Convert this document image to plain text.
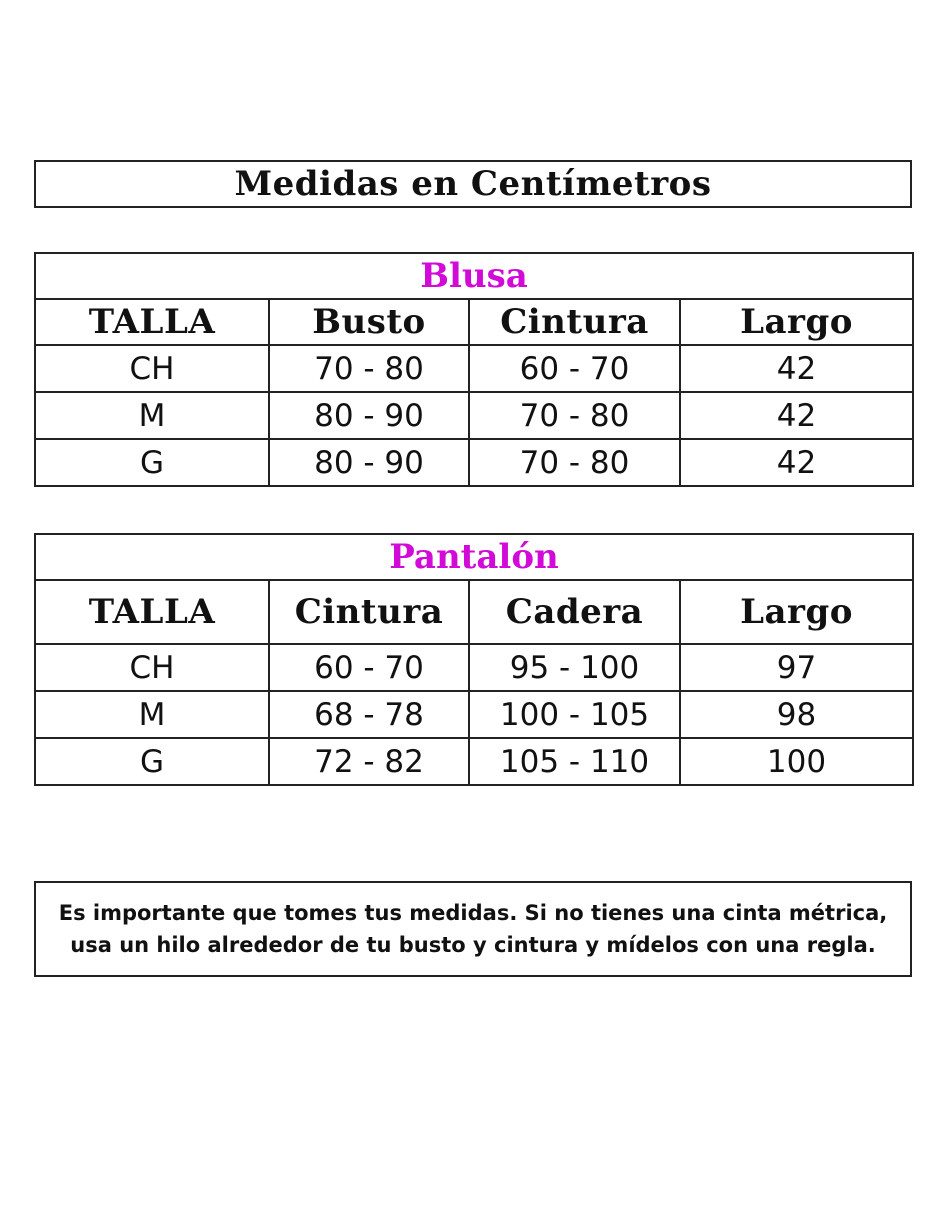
Medidas en Centímetros
Blusa			
TALLA	Busto	Cintura	Largo
CH	70 - 80	60 - 70	42
M	80 - 90	70 - 80	42
G	80 - 90	70 - 80	42
Pantalón			
TALLA	Cintura	Cadera	Largo
CH	60 - 70	95 - 100	97
M	68 - 78	100 - 105	98
G	72 - 82	105 - 110	100
Es importante que tomes tus medidas. Si no tienes una cinta métrica, usa un hilo alrededor de tu busto y cintura y mídelos con una regla.
